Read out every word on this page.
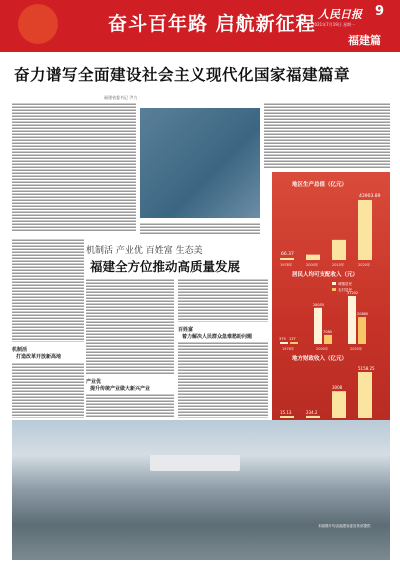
奋斗百年路 启航新征程 人民日报 9
2021年7月19日 星期一
福建篇
奋力谱写全面建设社会主义现代化国家福建篇章
福建省委书记 尹力
机制活 产业优 百姓富 生态美
福建全方位推动高质量发展
机制活
打造改革开放新高地
产业优
提升传统产业做大新兴产业
百姓富
着力解决人民群众急难愁盼问题
地区生产总值（亿元）
66.37
1978年	2000年	2010年
43903.89
2020年
居民人均可支配收入（元）
城镇居民
农村居民
375 137
1978年
28055
7080
2000年
37202
20880
2020年
地方财政收入（亿元）
15.13	234.2
3008
5158.25
本版图片均由福建省委宣传部提供
